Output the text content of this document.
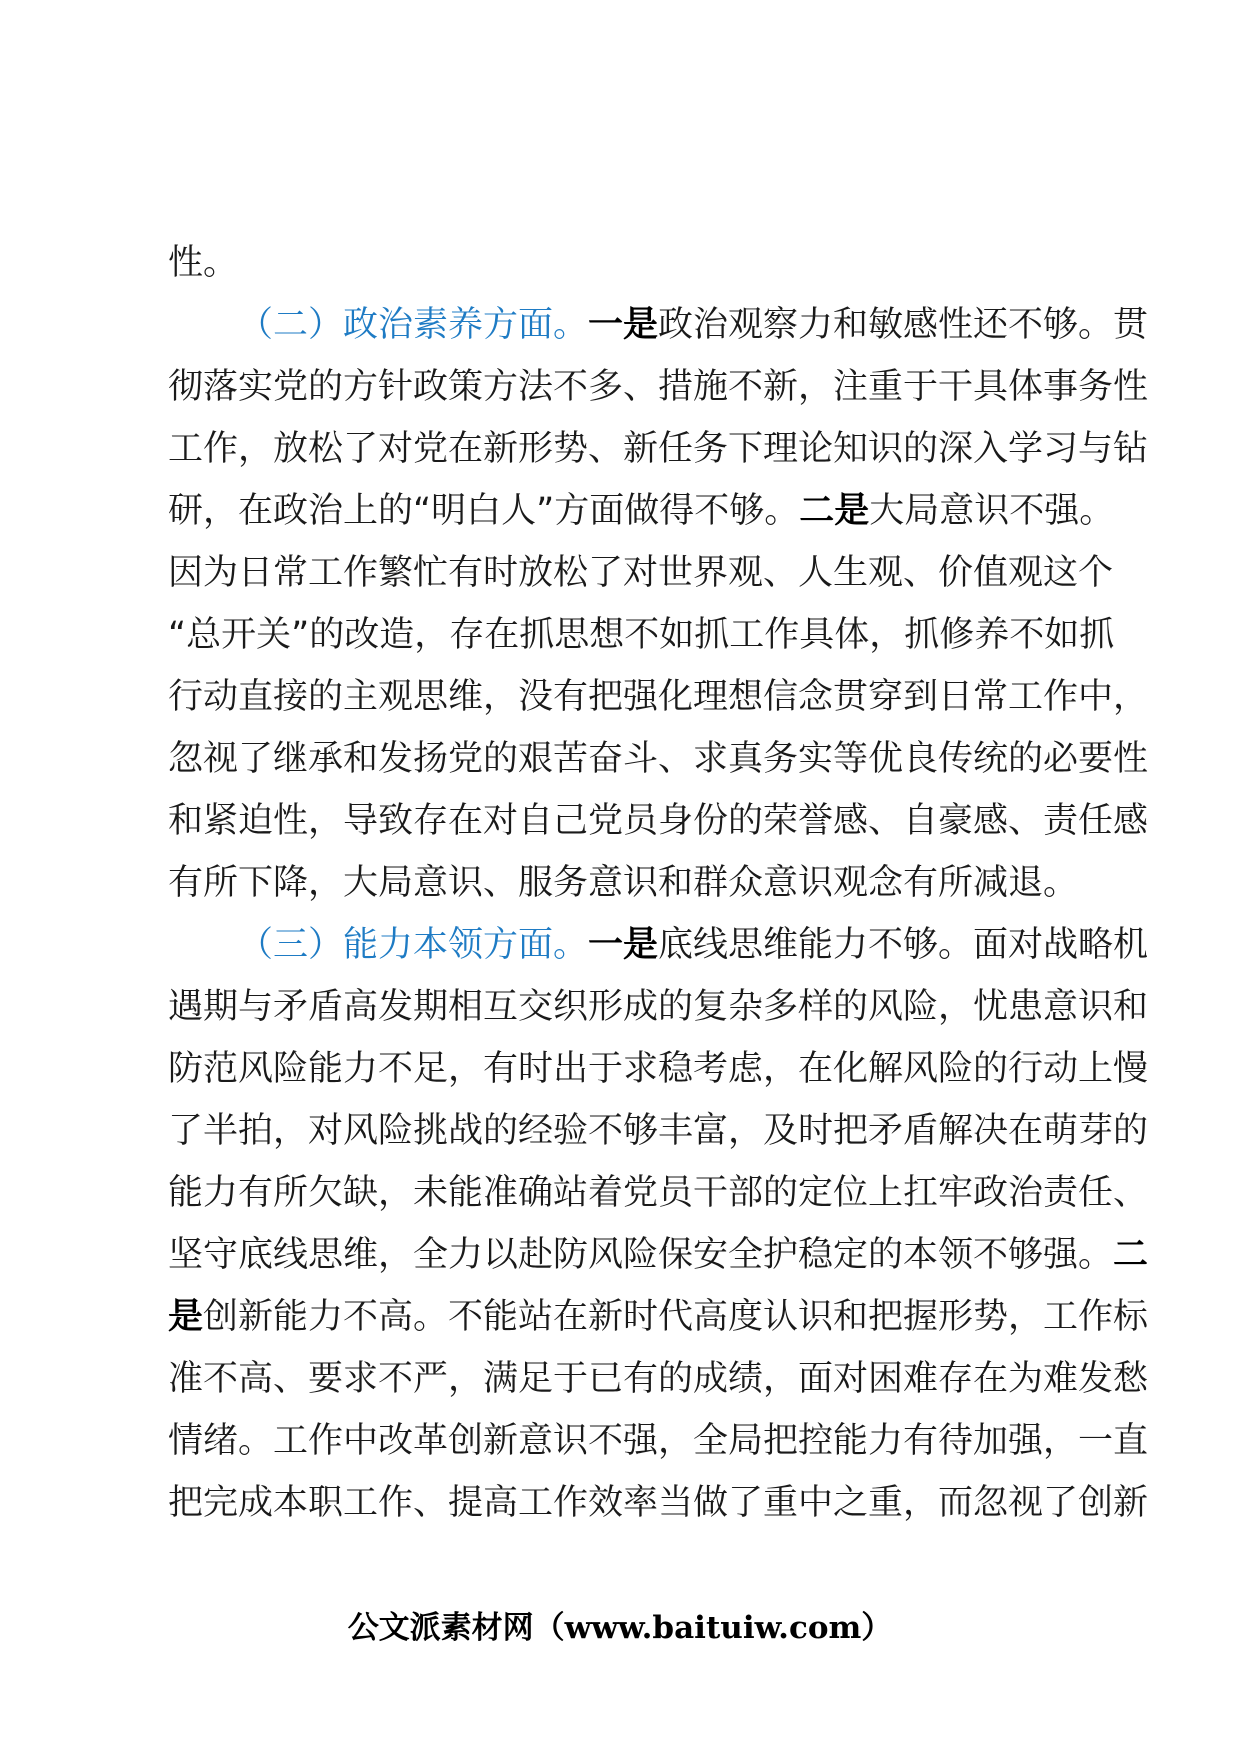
性。
（二）政治素养方面。一是政治观察力和敏感性还不够。贯
彻落实党的方针政策方法不多、措施不新，注重于干具体事务性
工作，放松了对党在新形势、新任务下理论知识的深入学习与钻
研，在政治上的“明白人”方面做得不够。二是大局意识不强。
因为日常工作繁忙有时放松了对世界观、人生观、价值观这个
“总开关”的改造，存在抓思想不如抓工作具体，抓修养不如抓
行动直接的主观思维，没有把强化理想信念贯穿到日常工作中，
忽视了继承和发扬党的艰苦奋斗、求真务实等优良传统的必要性
和紧迫性，导致存在对自己党员身份的荣誉感、自豪感、责任感
有所下降，大局意识、服务意识和群众意识观念有所减退。
（三）能力本领方面。一是底线思维能力不够。面对战略机
遇期与矛盾高发期相互交织形成的复杂多样的风险，忧患意识和
防范风险能力不足，有时出于求稳考虑，在化解风险的行动上慢
了半拍，对风险挑战的经验不够丰富，及时把矛盾解决在萌芽的
能力有所欠缺，未能准确站着党员干部的定位上扛牢政治责任、
坚守底线思维，全力以赴防风险保安全护稳定的本领不够强。二
是创新能力不高。不能站在新时代高度认识和把握形势，工作标
准不高、要求不严，满足于已有的成绩，面对困难存在为难发愁
情绪。工作中改革创新意识不强，全局把控能力有待加强，一直
把完成本职工作、提高工作效率当做了重中之重，而忽视了创新
公文派素材网（www.baituiw.com）
